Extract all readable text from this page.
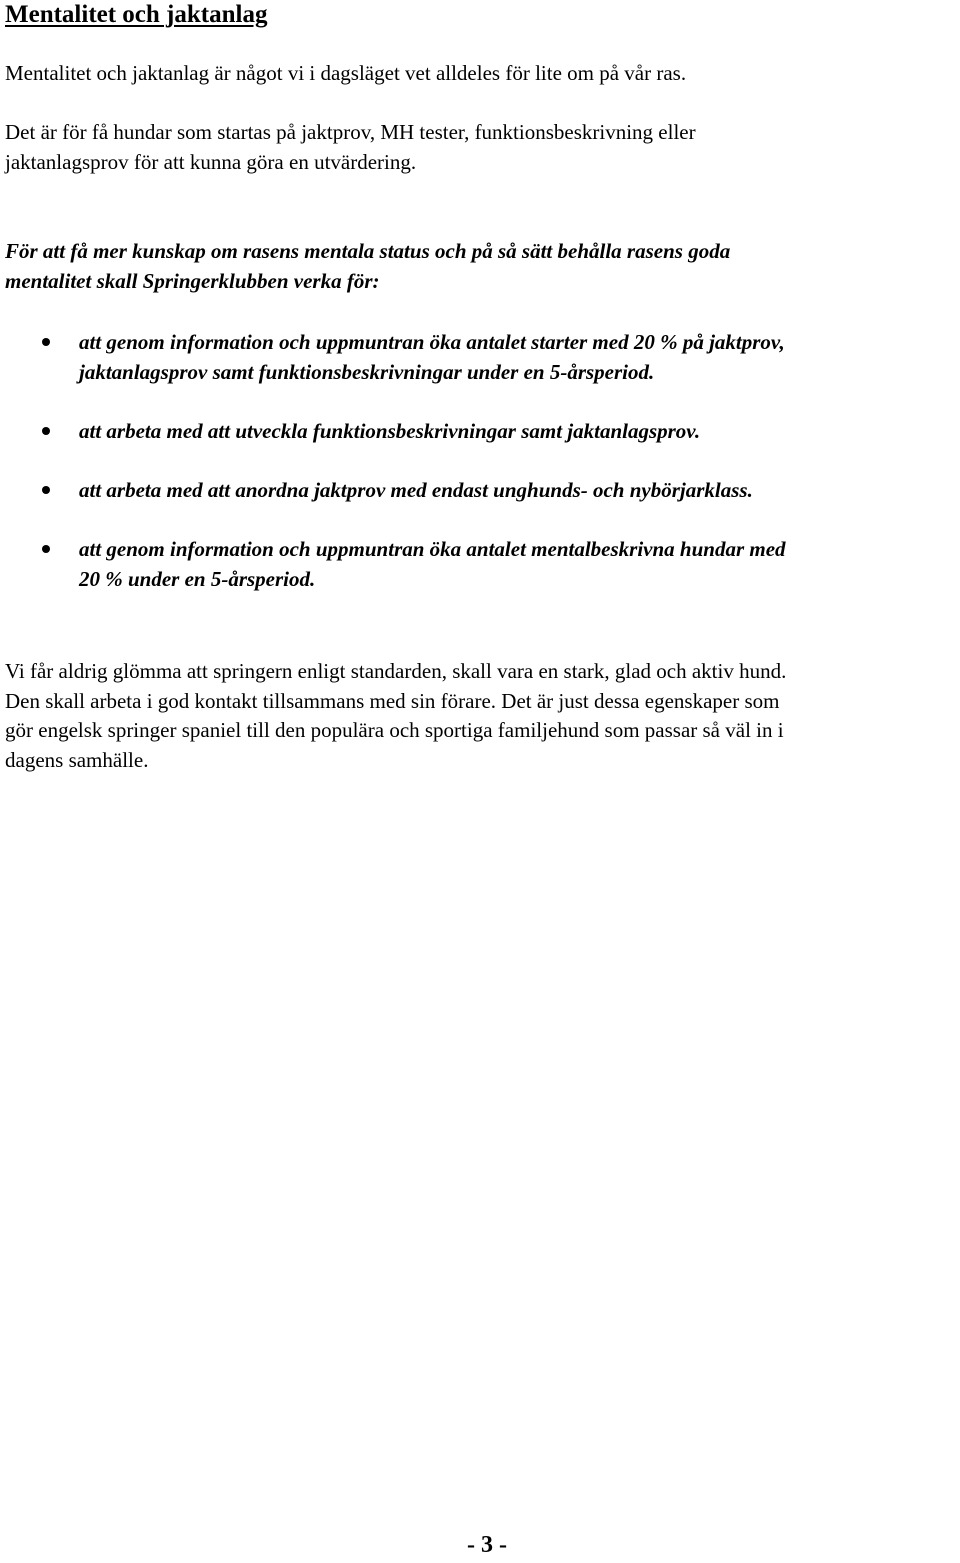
Mentalitet och jaktanlag

Mentalitet och jaktanlag är något vi i dagsläget vet alldeles för lite om på vår ras.

Det är för få hundar som startas på jaktprov, MH tester, funktionsbeskrivning eller
jaktanlagsprov för att kunna göra en utvärdering.

För att få mer kunskap om rasens mentala status och på så sätt behålla rasens goda
mentalitet skall Springerklubben verka för:

att genom information och uppmuntran öka antalet starter med 20 % på jaktprov,
jaktanlagsprov samt funktionsbeskrivningar under en 5-årsperiod.
att arbeta med att utveckla funktionsbeskrivningar samt jaktanlagsprov.
att arbeta med att anordna jaktprov med endast unghunds- och nybörjarklass.
att genom information och uppmuntran öka antalet mentalbeskrivna hundar med
20 % under en 5-årsperiod.

Vi får aldrig glömma att springern enligt standarden, skall vara en stark, glad och aktiv hund.
Den skall arbeta i god kontakt tillsammans med sin förare. Det är just dessa egenskaper som
gör engelsk springer spaniel till den populära och sportiga familjehund som passar så väl in i
dagens samhälle.

- 3 -
